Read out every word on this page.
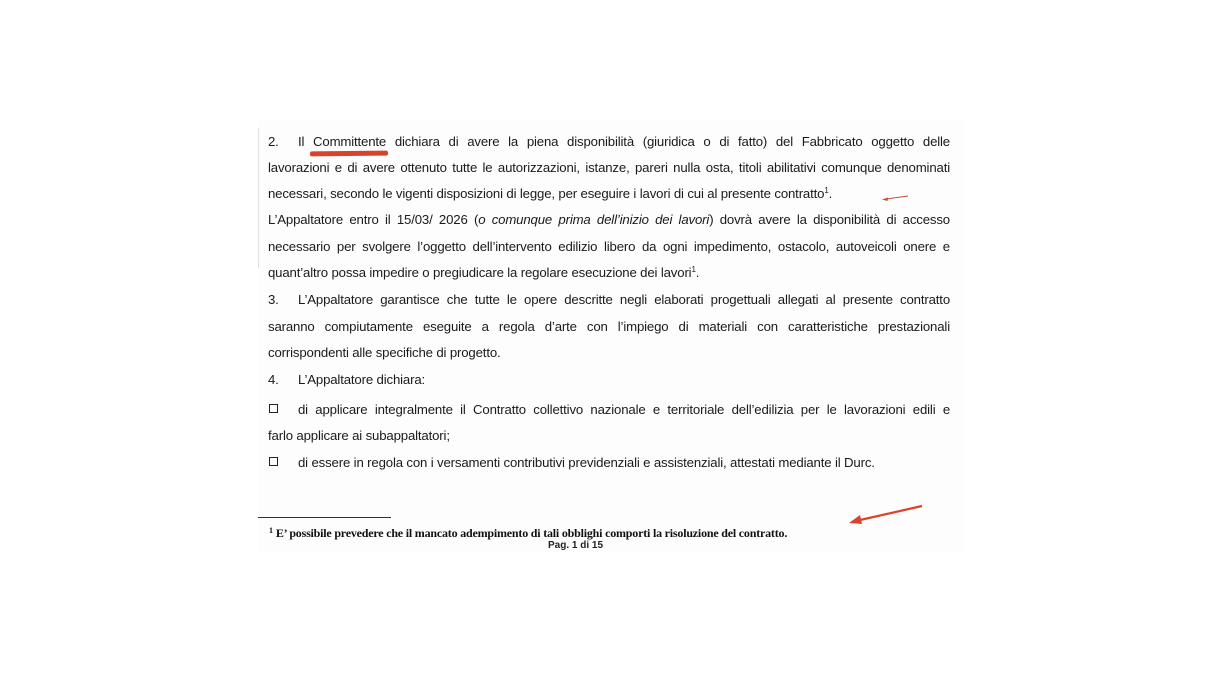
2. Il Committente dichiara di avere la piena disponibilità (giuridica o di fatto) del Fabbricato oggetto delle
lavorazioni e di avere ottenuto tutte le autorizzazioni, istanze, pareri nulla osta, titoli abilitativi comunque denominati
necessari, secondo le vigenti disposizioni di legge, per eseguire i lavori di cui al presente contratto$^1$.
L’Appaltatore entro il 15/03/ 2026 (o comunque prima dell’inizio dei lavori) dovrà avere la disponibilità di accesso
necessario per svolgere l’oggetto dell’intervento edilizio libero da ogni impedimento, ostacolo, autoveicoli onere e
quant’altro possa impedire o pregiudicare la regolare esecuzione dei lavori$^1$.
3. L’Appaltatore garantisce che tutte le opere descritte negli elaborati progettuali allegati al presente contratto
saranno compiutamente eseguite a regola d’arte con l’impiego di materiali con caratteristiche prestazionali
corrispondenti alle specifiche di progetto.
4. L’Appaltatore dichiara:
di applicare integralmente il Contratto collettivo nazionale e territoriale dell’edilizia per le lavorazioni edili e
farlo applicare ai subappaltatori;
di essere in regola con i versamenti contributivi previdenziali e assistenziali, attestati mediante il Durc.
$^1$ E’ possibile prevedere che il mancato adempimento di tali obblighi comporti la risoluzione del contratto.
Pag. 1 di 15
